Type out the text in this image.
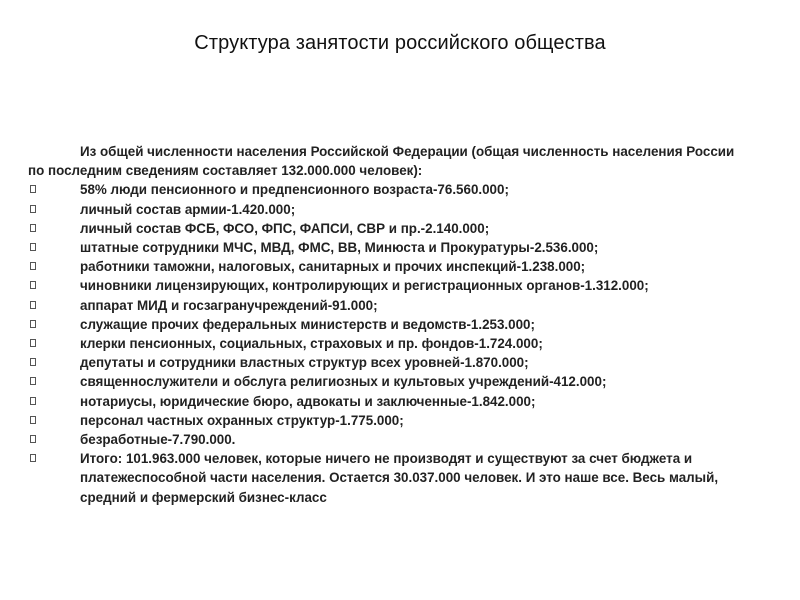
Структура занятости российского общества

Из общей численности населения Российской Федерации (общая численность населения России по последним сведениям составляет 132.000.000 человек):

58% люди пенсионного и предпенсионного возраста-76.560.000;
личный состав армии-1.420.000;
личный состав ФСБ, ФСО, ФПС, ФАПСИ, СВР и пр.-2.140.000;
штатные сотрудники МЧС, МВД, ФМС, ВВ, Минюста и Прокуратуры-2.536.000;
работники таможни, налоговых, санитарных и прочих инспекций-1.238.000;
чиновники лицензирующих, контролирующих и регистрационных органов-1.312.000;
аппарат МИД и госзагранучреждений-91.000;
служащие прочих федеральных министерств и ведомств-1.253.000;
клерки пенсионных, социальных, страховых и пр. фондов-1.724.000;
депутаты и сотрудники властных структур всех уровней-1.870.000;
священнослужители и обслуга религиозных и культовых учреждений-412.000;
нотариусы, юридические бюро, адвокаты и заключенные-1.842.000;
персонал частных охранных структур-1.775.000;
безработные-7.790.000.
Итого: 101.963.000 человек, которые ничего не производят и существуют за счет бюджета и платежеспособной части населения. Остается 30.037.000 человек. И это наше все. Весь малый, средний и фермерский бизнес-класс
